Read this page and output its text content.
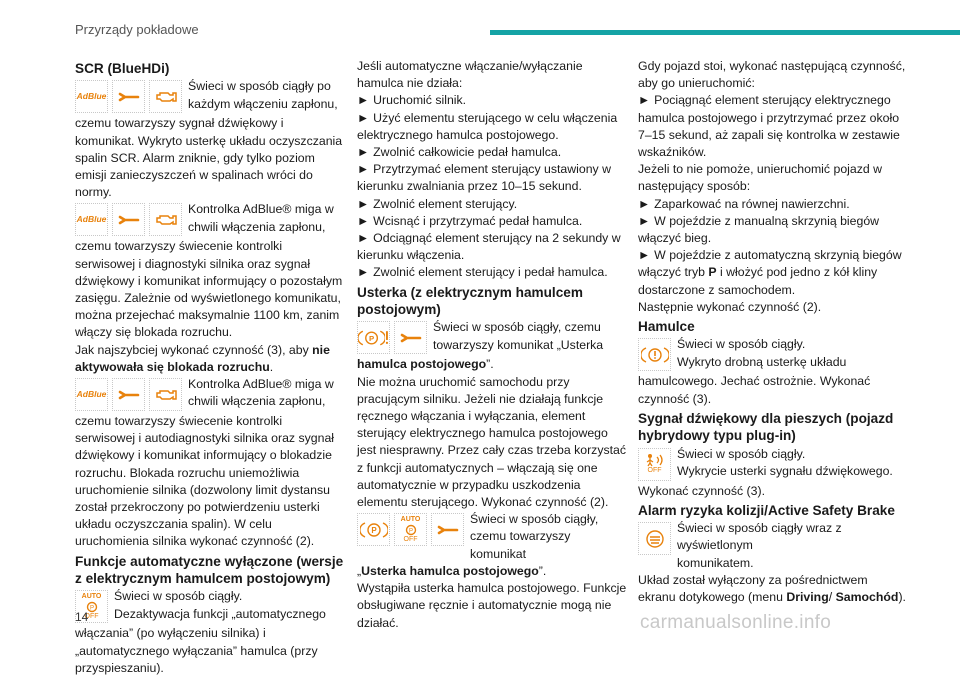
Przyrządy pokładowe
SCR (BlueHDi)
AdBlue

Świeci w sposób ciągły po
każdym włączeniu zapłonu,

czemu towarzyszy sygnał dźwiękowy i komunikat. Wykryto usterkę układu oczyszczania spalin SCR. Alarm zniknie, gdy tylko poziom emisji zanieczyszczeń w spalinach wróci do normy.

AdBlue

Kontrolka AdBlue® miga w
chwili włączenia zapłonu,

czemu towarzyszy świecenie kontrolki serwisowej i diagnostyki silnika oraz sygnał dźwiękowy i komunikat informujący o pozostałym zasięgu. Zależnie od wyświetlonego komunikatu, można przejechać maksymalnie 1100 km, zanim włączy się blokada rozruchu.

Jak najszybciej wykonać czynność (3), aby nie aktywowała się blokada rozruchu.

AdBlue

Kontrolka AdBlue® miga w
chwili włączenia zapłonu,

czemu towarzyszy świecenie kontrolki serwisowej i autodiagnostyki silnika oraz sygnał dźwiękowy i komunikat informujący o blokadzie rozruchu. Blokada rozruchu uniemożliwia uruchomienie silnika (dozwolony limit dystansu został przekroczony po potwierdzeniu usterki układu oczyszczania spalin). W celu uruchomienia silnika wykonać czynność (2).

Funkcje automatyczne wyłączone (wersje z elektrycznym hamulcem postojowym)
AUTO
P
OFF

Świeci w sposób ciągły.
Dezaktywacja funkcji „automatycznego

włączania” (po wyłączeniu silnika) i „automatycznego wyłączania” hamulca (przy przyspieszaniu).

Jeśli automatyczne włączanie/wyłączanie hamulca nie działa:

► Uruchomić silnik.

► Użyć elementu sterującego w celu włączenia elektrycznego hamulca postojowego.

► Zwolnić całkowicie pedał hamulca.

► Przytrzymać element sterujący ustawiony w kierunku zwalniania przez 10–15 sekund.

► Zwolnić element sterujący.

► Wcisnąć i przytrzymać pedał hamulca.

► Odciągnąć element sterujący na 2 sekundy w kierunku włączenia.

► Zwolnić element sterujący i pedał hamulca.

Usterka (z elektrycznym hamulcem postojowym)
P

Świeci w sposób ciągły, czemu
towarzyszy komunikat „Usterka

hamulca postojowego”.

Nie można uruchomić samochodu przy pracującym silniku. Jeżeli nie działają funkcje ręcznego włączania i wyłączania, element sterujący elektrycznego hamulca postojowego jest niesprawny. Przez cały czas trzeba korzystać z funkcji automatycznych – włączają się one automatycznie w przypadku uszkodzenia elementu sterującego. Wykonać czynność (2).

P
AUTO
P
OFF

Świeci w sposób ciągły,
czemu towarzyszy komunikat

„Usterka hamulca postojowego”.

Wystąpiła usterka hamulca postojowego. Funkcje obsługiwane ręcznie i automatycznie mogą nie działać.

Gdy pojazd stoi, wykonać następującą czynność, aby go unieruchomić:

► Pociągnąć element sterujący elektrycznego hamulca postojowego i przytrzymać przez około 7–15 sekund, aż zapali się kontrolka w zestawie wskaźników.

Jeżeli to nie pomoże, unieruchomić pojazd w następujący sposób:

► Zaparkować na równej nawierzchni.

► W pojeździe z manualną skrzynią biegów włączyć bieg.

► W pojeździe z automatyczną skrzynią biegów włączyć tryb P i włożyć pod jedno z kół kliny dostarczone z samochodem.

Następnie wykonać czynność (2).

Hamulce

Świeci w sposób ciągły.
Wykryto drobną usterkę układu

hamulcowego. Jechać ostrożnie. Wykonać czynność (3).

Sygnał dźwiękowy dla pieszych (pojazd hybrydowy typu plug-in)
OFF

Świeci w sposób ciągły.
Wykrycie usterki sygnału dźwiękowego.

Wykonać czynność (3).

Alarm ryzyka kolizji/Active Safety Brake

Świeci w sposób ciągły wraz z wyświetlonym
komunikatem.

Układ został wyłączony za pośrednictwem ekranu dotykowego (menu Driving/ Samochód).

14	carmanualsonline.info
